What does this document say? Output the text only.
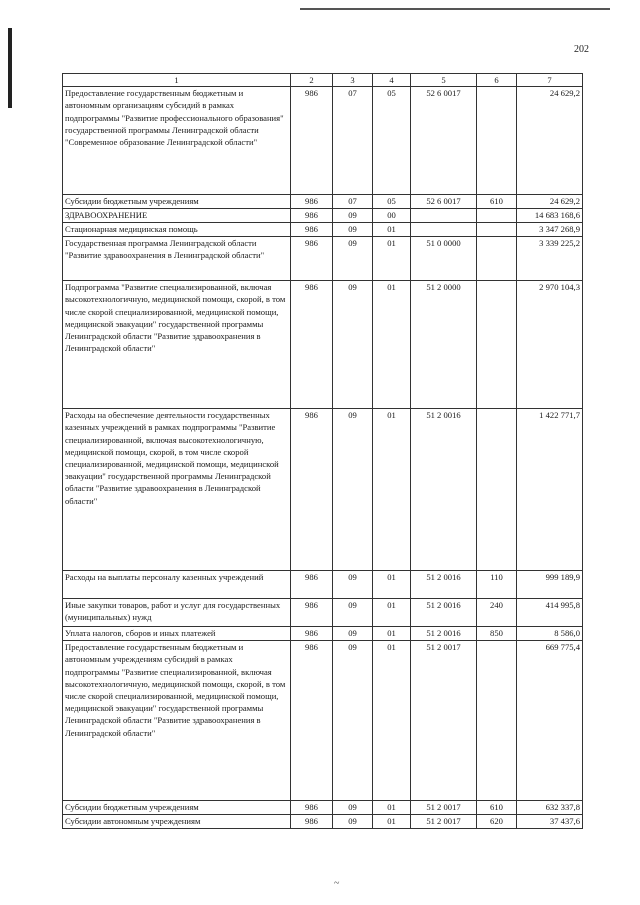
202
1	2	3	4	5	6	7
Предоставление государственным бюджетным и автономным организациям субсидий в рамках подпрограммы "Развитие профессионального образования" государственной программы Ленинградской области "Современное образование Ленинградской области"	986	07	05	52 6 0017		24 629,2
Субсидии бюджетным учреждениям	986	07	05	52 6 0017	610	24 629,2
ЗДРАВООХРАНЕНИЕ	986	09	00			14 683 168,6
Стационарная медицинская помощь	986	09	01			3 347 268,9
Государственная программа Ленинградской области "Развитие здравоохранения в Ленинградской области"	986	09	01	51 0 0000		3 339 225,2
Подпрограмма "Развитие специализированной, включая высокотехнологичную, медицинской помощи, скорой, в том числе скорой специализированной, медицинской помощи, медицинской эвакуации" государственной программы Ленинградской области "Развитие здравоохранения в Ленинградской области"	986	09	01	51 2 0000		2 970 104,3
Расходы на обеспечение деятельности государственных казенных учреждений в рамках подпрограммы "Развитие специализированной, включая высокотехнологичную, медицинской помощи, скорой, в том числе скорой специализированной, медицинской помощи, медицинской эвакуации" государственной программы Ленинградской области "Развитие здравоохранения в Ленинградской области"	986	09	01	51 2 0016		1 422 771,7
Расходы на выплаты персоналу казенных учреждений	986	09	01	51 2 0016	110	999 189,9
Иные закупки товаров, работ и услуг для государственных (муниципальных) нужд	986	09	01	51 2 0016	240	414 995,8
Уплата налогов, сборов и иных платежей	986	09	01	51 2 0016	850	8 586,0
Предоставление государственным бюджетным и автономным учреждениям субсидий в рамках подпрограммы "Развитие специализированной, включая высокотехнологичную, медицинской помощи, скорой, в том числе скорой специализированной, медицинской помощи, медицинской эвакуации" государственной программы Ленинградской области "Развитие здравоохранения в Ленинградской области"	986	09	01	51 2 0017		669 775,4
Субсидии бюджетным учреждениям	986	09	01	51 2 0017	610	632 337,8
Субсидии автономным учреждениям	986	09	01	51 2 0017	620	37 437,6
~
